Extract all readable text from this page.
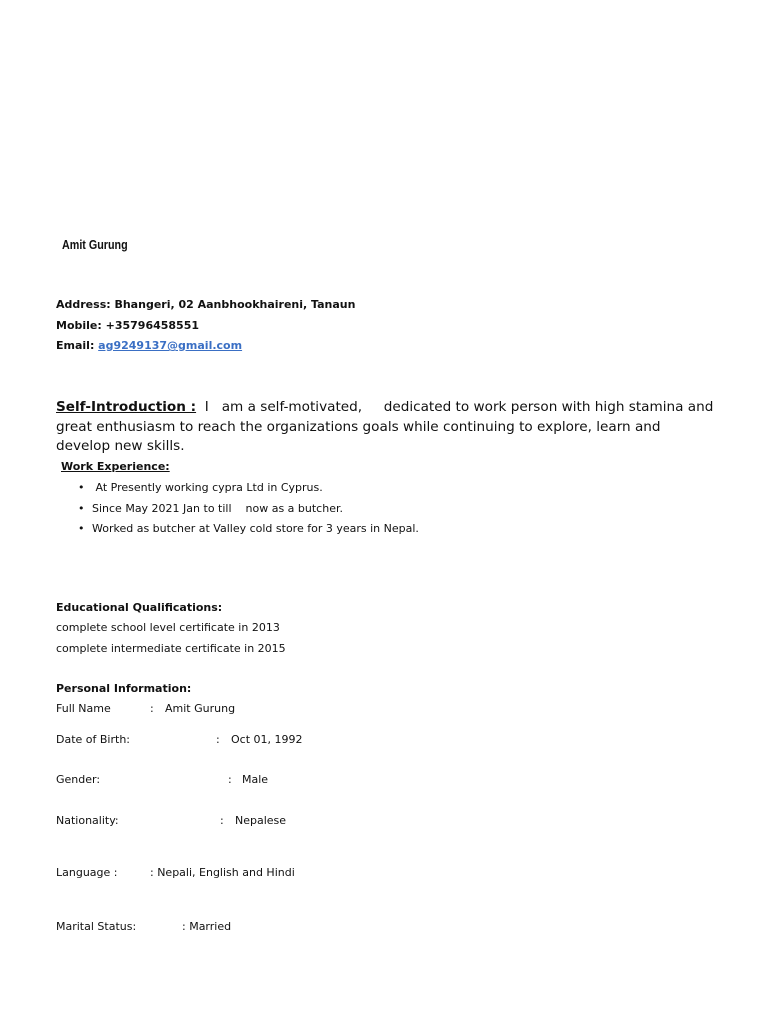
Amit Gurung
Address: Bhangeri, 02 Aanbhookhaireni, Tanaun
Mobile: +35796458551
Email: ag9249137@gmail.com
Self-Introduction :  I   am a self-motivated,     dedicated to work person with high stamina and great enthusiasm to reach the organizations goals while continuing to explore, learn and develop new skills.
Work Experience:
• At Presently working cypra Ltd in Cyprus.
• Since May 2021 Jan to till    now as a butcher.
• Worked as butcher at Valley cold store for 3 years in Nepal.
Educational Qualifications:
complete school level certificate in 2013
complete intermediate certificate in 2015
Personal Information:
Full Name	: Amit Gurung
Date of Birth:	: Oct 01, 1992
Gender:	: Male
Nationality:	: Nepalese
Language :	: Nepali, English and Hindi
Marital Status:	: Married
